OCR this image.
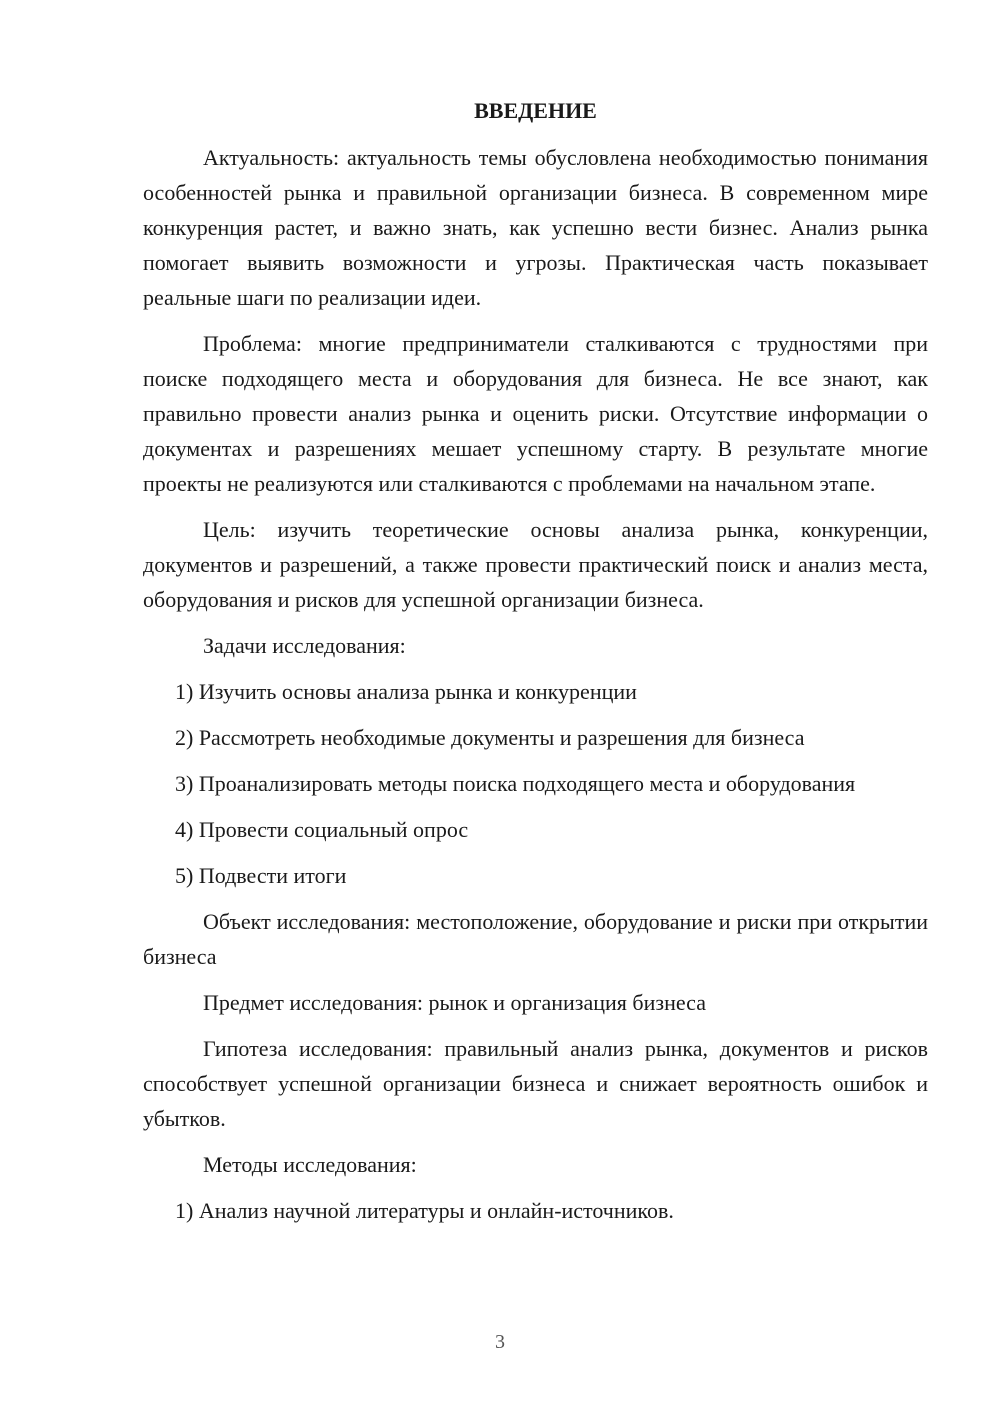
ВВЕДЕНИЕ

Актуальность: актуальность темы обусловлена необходимостью понимания особенностей рынка и правильной организации бизнеса. В современном мире конкуренция растет, и важно знать, как успешно вести бизнес. Анализ рынка помогает выявить возможности и угрозы. Практическая часть показывает реальные шаги по реализации идеи.

Проблема: многие предприниматели сталкиваются с трудностями при поиске подходящего места и оборудования для бизнеса. Не все знают, как правильно провести анализ рынка и оценить риски. Отсутствие информации о документах и разрешениях мешает успешному старту. В результате многие проекты не реализуются или сталкиваются с проблемами на начальном этапе.

Цель: изучить теоретические основы анализа рынка, конкуренции, документов и разрешений, а также провести практический поиск и анализ места, оборудования и рисков для успешной организации бизнеса.

Задачи исследования:

1) Изучить основы анализа рынка и конкуренции

2) Рассмотреть необходимые документы и разрешения для бизнеса

3) Проанализировать методы поиска подходящего места и оборудования

4) Провести социальный опрос

5) Подвести итоги

Объект исследования: местоположение, оборудование и риски при открытии бизнеса

Предмет исследования: рынок и организация бизнеса

Гипотеза исследования: правильный анализ рынка, документов и рисков способствует успешной организации бизнеса и снижает вероятность ошибок и убытков.

Методы исследования:

1) Анализ научной литературы и онлайн-источников.

3
